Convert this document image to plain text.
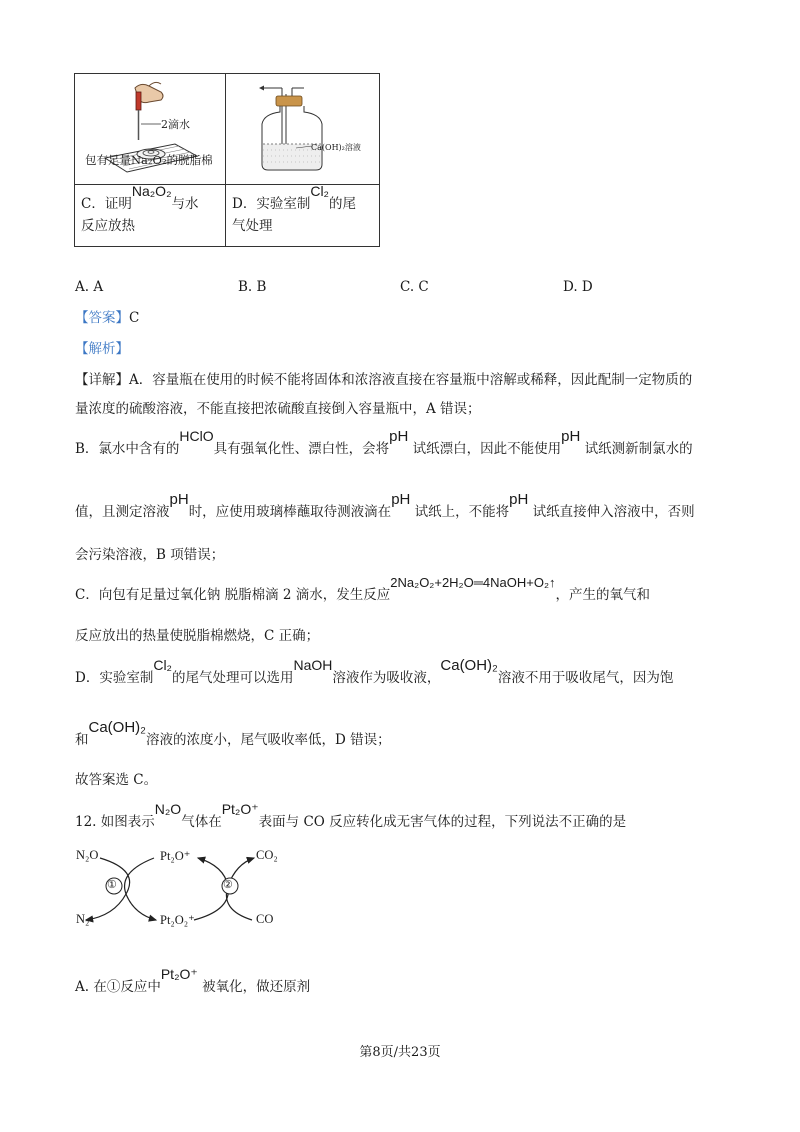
2滴水
包有足量Na₂O₂的脱脂棉
Ca(OH)₂溶液
C．证明Na₂O₂与水
反应放热
D．实验室制Cl₂的尾
气处理
A. A	B. B	C. C	D. D
【答案】C
【解析】
【详解】A．容量瓶在使用的时候不能将固体和浓溶液直接在容量瓶中溶解或稀释，因此配制一定物质的
量浓度的硫酸溶液，不能直接把浓硫酸直接倒入容量瓶中，A 错误；
B．氯水中含有的HClO具有强氧化性、漂白性，会将pH 试纸漂白，因此不能使用pH 试纸测新制氯水的
值，且测定溶液pH时，应使用玻璃棒蘸取待测液滴在pH 试纸上，不能将pH 试纸直接伸入溶液中，否则
会污染溶液，B 项错误；
C．向包有足量过氧化钠 脱脂棉滴 2 滴水，发生反应2Na₂O₂+2H₂O═4NaOH+O₂↑，产生的氧气和
反应放出的热量使脱脂棉燃烧，C 正确；
D．实验室制Cl₂的尾气处理可以选用NaOH溶液作为吸收液，Ca(OH)₂溶液不用于吸收尾气，因为饱
和Ca(OH)₂溶液的浓度小，尾气吸收率低，D 错误；
故答案选 C。
12. 如图表示N₂O气体在Pt₂O⁺表面与 CO 反应转化成无害气体的过程，下列说法不正确的是
N₂O
N₂
Pt₂O⁺
Pt₂O₂⁺
CO₂
CO
①	②
A. 在①反应中Pt₂O⁺ 被氧化，做还原剂
第8页/共23页
